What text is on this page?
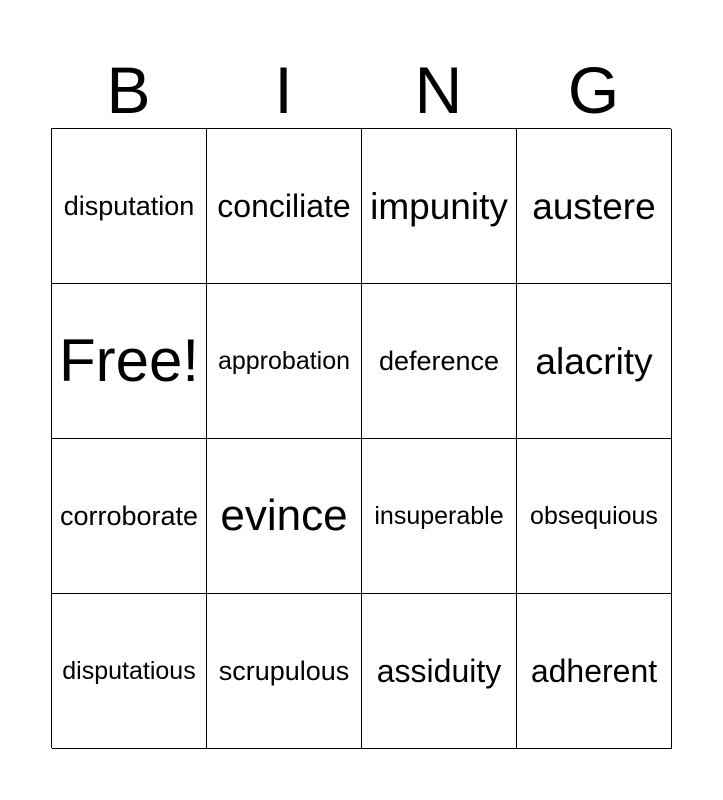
B	I	N	G
disputation conciliate impunity austere
Free! approbation	deference alacrity
corroborate evince	insuperable	obsequious
disputatious scrupulous assiduity adherent
